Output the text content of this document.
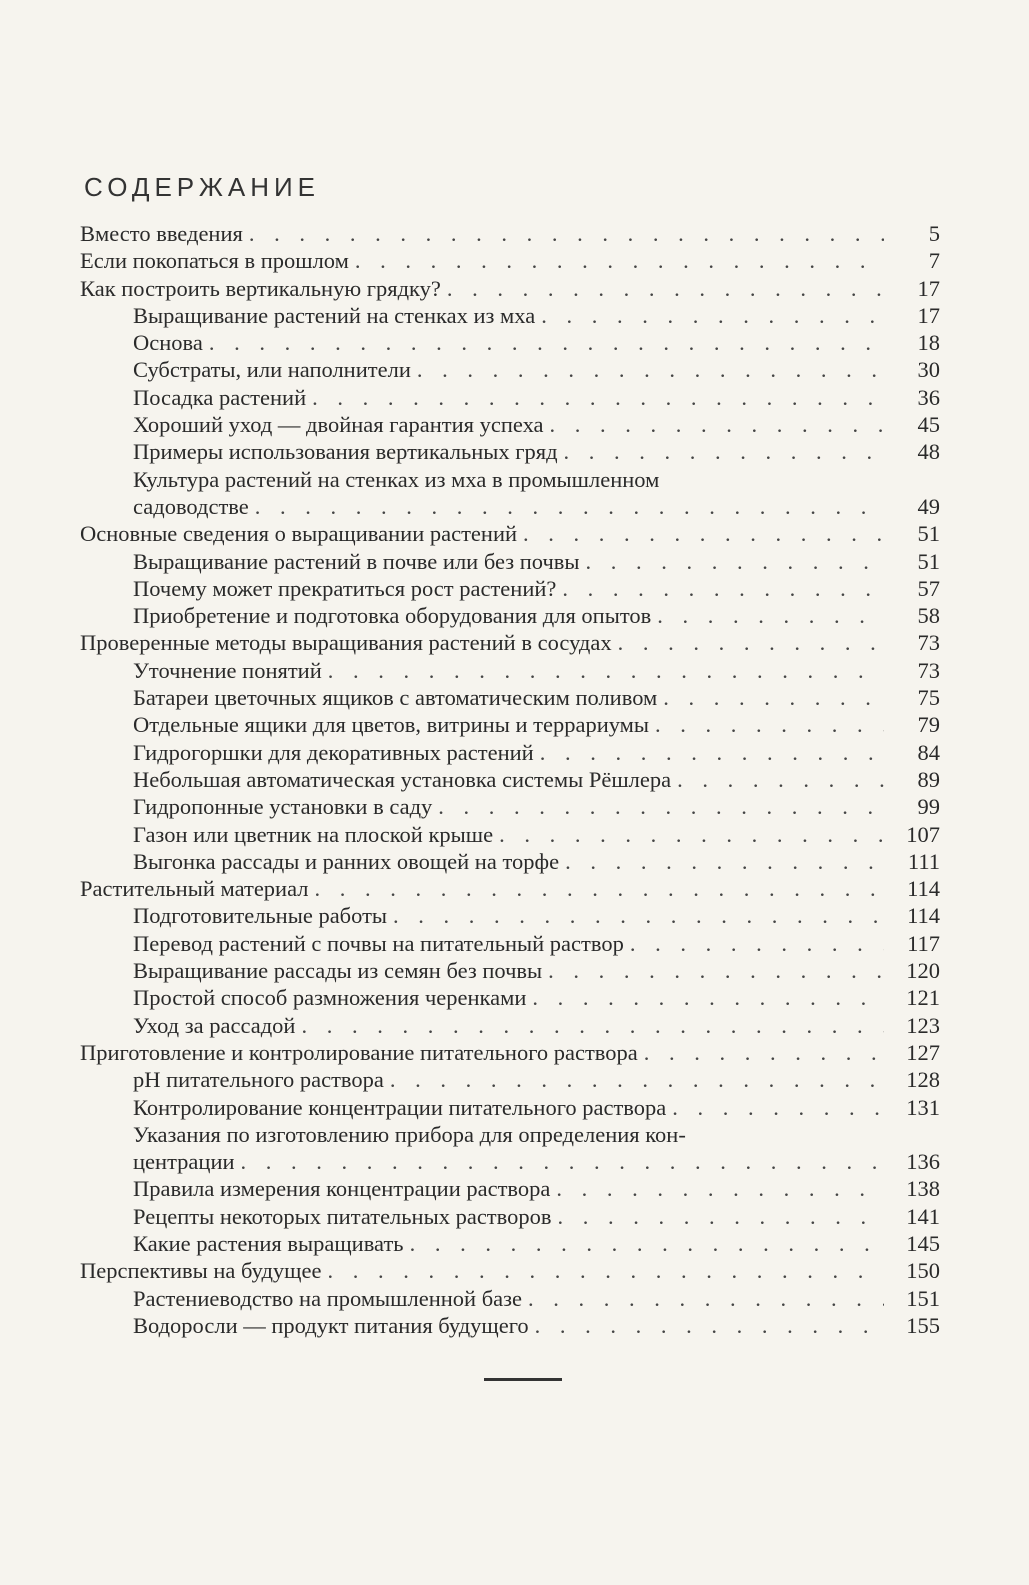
СОДЕРЖАНИЕ
Вместо введения . . .	5
Если покопаться в прошлом . . .	7
Как построить вертикальную грядку? . . .	17
Выращивание растений на стенках из мха . . .	17
Основа . . .	18
Субстраты, или наполнители . . .	30
Посадка растений . . .	36
Хороший уход — двойная гарантия успеха . . .	45
Примеры использования вертикальных гряд . . .	48
Культура растений на стенках из мха в промышленном
садоводстве . . .	49
Основные сведения о выращивании растений . . .	51
Выращивание растений в почве или без почвы . . .	51
Почему может прекратиться рост растений? . . .	57
Приобретение и подготовка оборудования для опытов . . .	58
Проверенные методы выращивания растений в сосудах . . .	73
Уточнение понятий . . .	73
Батареи цветочных ящиков с автоматическим поливом . . .	75
Отдельные ящики для цветов, витрины и террариумы . . .	79
Гидрогоршки для декоративных растений . . .	84
Небольшая автоматическая установка системы Рёшлера . . .	89
Гидропонные установки в саду . . .	99
Газон или цветник на плоской крыше . . .	107
Выгонка рассады и ранних овощей на торфе . . .	111
Растительный материал . . .	114
Подготовительные работы . . .	114
Перевод растений с почвы на питательный раствор . . .	117
Выращивание рассады из семян без почвы . . .	120
Простой способ размножения черенками . . .	121
Уход за рассадой . . .	123
Приготовление и контролирование питательного раствора . . .	127
pH питательного раствора . . .	128
Контролирование концентрации питательного раствора . . .	131
Указания по изготовлению прибора для определения кон-
центрации . . .	136
Правила измерения концентрации раствора . . .	138
Рецепты некоторых питательных растворов . . .	141
Какие растения выращивать . . .	145
Перспективы на будущее . . .	150
Растениеводство на промышленной базе . . .	151
Водоросли — продукт питания будущего . . .	155
